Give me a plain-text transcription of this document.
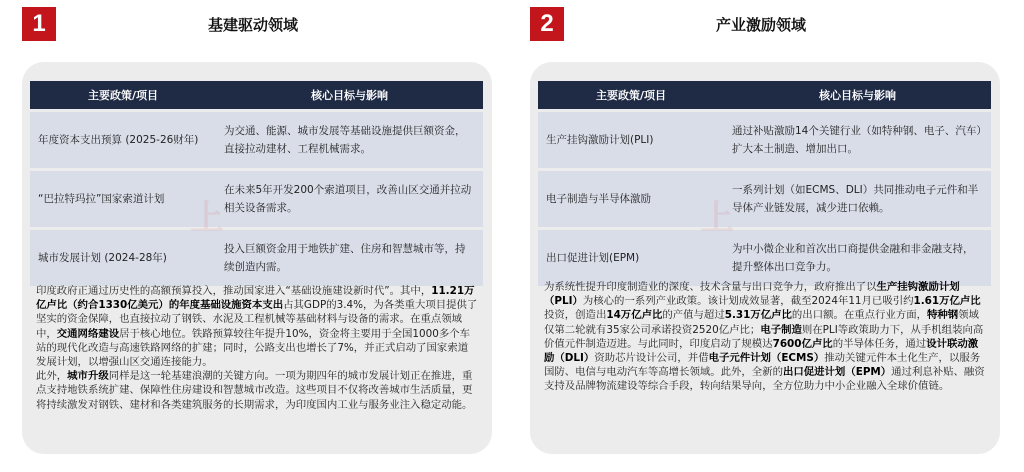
1	基建驱动领域
主要政策/项目	核心目标与影响
年度资本支出预算 (2025-26财年)	为交通、能源、城市发展等基础设施提供巨额资金，直接拉动建材、工程机械需求。
“巴拉特玛拉”国家索道计划	在未来5年开发200个索道项目，改善山区交通并拉动相关设备需求。
城市发展计划 (2024-28年)	投入巨额资金用于地铁扩建、住房和智慧城市等，持续创造内需。
印度政府正通过历史性的高额预算投入，推动国家进入“基础设施建设新时代”。其中，11.21万亿卢比（约合1330亿美元）的年度基础设施资本支出占其GDP的3.4%，为各类重大项目提供了坚实的资金保障，也直接拉动了钢铁、水泥及工程机械等基础材料与设备的需求。在重点领域中，交通网络建设居于核心地位。铁路预算较往年提升10%，资金将主要用于全国1000多个车站的现代化改造与高速铁路网络的扩建；同时，公路支出也增长了7%，并正式启动了国家索道发展计划，以增强山区交通连接能力。
此外，城市升级同样是这一轮基建浪潮的关键方向。一项为期四年的城市发展计划正在推进，重点支持地铁系统扩建、保障性住房建设和智慧城市改造。这些项目不仅将改善城市生活质量，更将持续激发对钢铁、建材和各类建筑服务的长期需求，为印度国内工业与服务业注入稳定动能。
2	产业激励领域
主要政策/项目	核心目标与影响
生产挂钩激励计划(PLI)	通过补贴激励14个关键行业（如特种钢、电子、汽车）扩大本土制造、增加出口。
电子制造与半导体激励	一系列计划（如ECMS、DLI）共同推动电子元件和半导体产业链发展，减少进口依赖。
出口促进计划(EPM)	为中小微企业和首次出口商提供金融和非金融支持，提升整体出口竞争力。
为系统性提升印度制造业的深度、技术含量与出口竞争力，政府推出了以生产挂钩激励计划（PLI）为核心的一系列产业政策。该计划成效显著，截至2024年11月已吸引约1.61万亿卢比投资，创造出14万亿卢比的产值与超过5.31万亿卢比的出口额。在重点行业方面，特种钢领域仅第二轮就有35家公司承诺投资2520亿卢比；电子制造则在PLI等政策助力下，从手机组装向高价值元件制造迈进。与此同时，印度启动了规模达7600亿卢比的半导体任务，通过设计联动激励（DLI）资助芯片设计公司，并借电子元件计划（ECMS）推动关键元件本土化生产，以服务国防、电信与电动汽车等高增长领域。此外，全新的出口促进计划（EPM）通过利息补贴、融资支持及品牌物流建设等综合手段，转向结果导向，全方位助力中小企业融入全球价值链。
